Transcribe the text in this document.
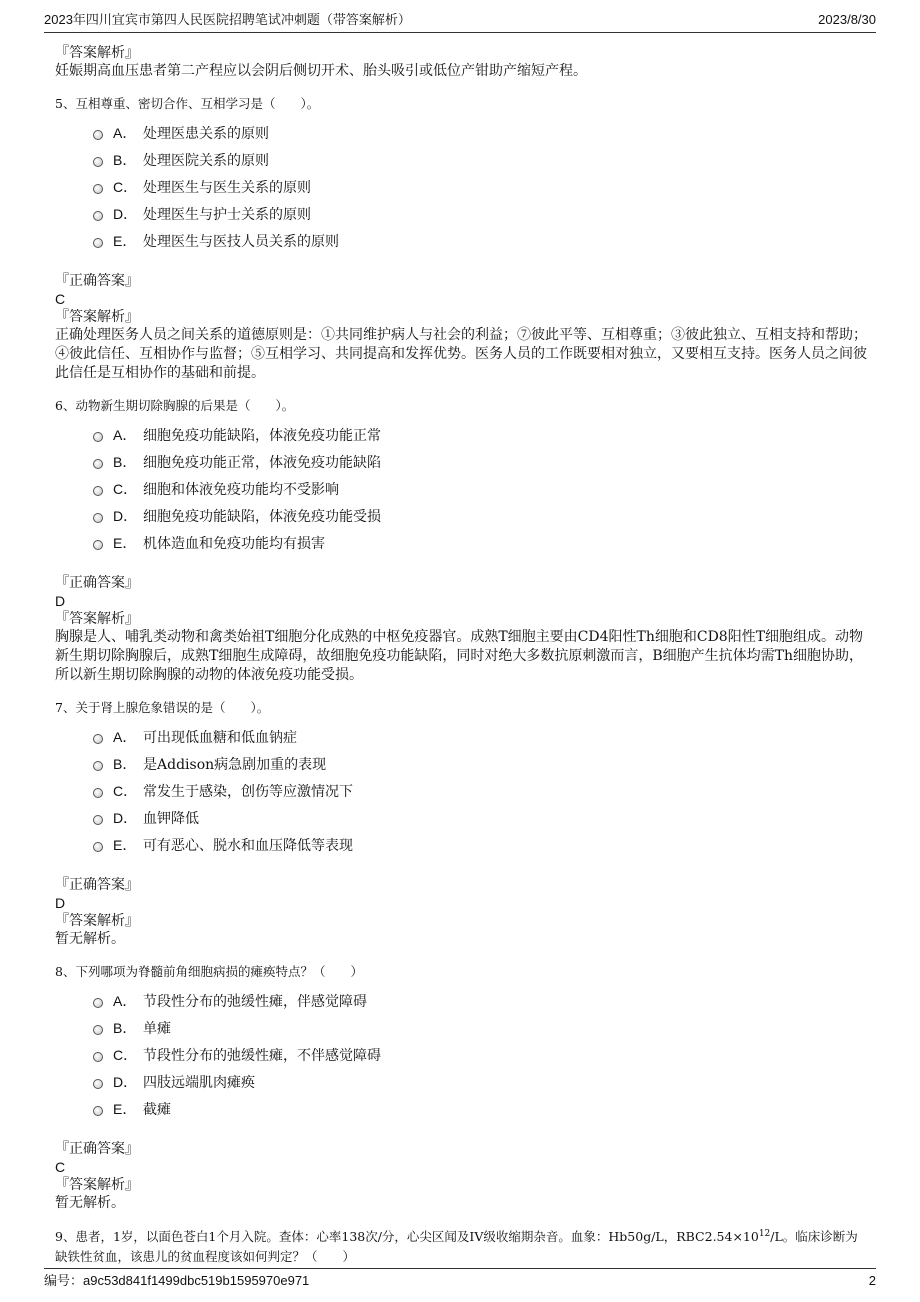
2023年四川宜宾市第四人民医院招聘笔试冲刺题（带答案解析）	2023/8/30

『答案解析』

妊娠期高血压患者第二产程应以会阴后侧切开术、胎头吸引或低位产钳助产缩短产程。

5、互相尊重、密切合作、互相学习是（　　）。

A． 处理医患关系的原则
B． 处理医院关系的原则
C． 处理医生与医生关系的原则
D． 处理医生与护士关系的原则
E． 处理医生与医技人员关系的原则

『正确答案』

C

『答案解析』

正确处理医务人员之间关系的道德原则是：①共同维护病人与社会的利益；⑦彼此平等、互相尊重；③彼此独立、互相支持和帮助；④彼此信任、互相协作与监督；⑤互相学习、共同提高和发挥优势。医务人员的工作既要相对独立，又要相互支持。医务人员之间彼此信任是互相协作的基础和前提。

6、动物新生期切除胸腺的后果是（　　）。

A． 细胞免疫功能缺陷，体液免疫功能正常
B． 细胞免疫功能正常，体液免疫功能缺陷
C． 细胞和体液免疫功能均不受影响
D． 细胞免疫功能缺陷，体液免疫功能受损
E． 机体造血和免疫功能均有损害

『正确答案』

D

『答案解析』

胸腺是人、哺乳类动物和禽类始祖T细胞分化成熟的中枢免疫器官。成熟T细胞主要由CD4阳性Th细胞和CD8阳性T细胞组成。动物新生期切除胸腺后，成熟T细胞生成障碍，故细胞免疫功能缺陷，同时对绝大多数抗原刺激而言，B细胞产生抗体均需Th细胞协助，所以新生期切除胸腺的动物的体液免疫功能受损。

7、关于肾上腺危象错误的是（　　）。

A． 可出现低血糖和低血钠症
B． 是Addison病急剧加重的表现
C． 常发生于感染，创伤等应激情况下
D． 血钾降低
E． 可有恶心、脱水和血压降低等表现

『正确答案』

D

『答案解析』

暂无解析。

8、下列哪项为脊髓前角细胞病损的瘫痪特点？（　　）

A． 节段性分布的弛缓性瘫，伴感觉障碍
B． 单瘫
C． 节段性分布的弛缓性瘫，不伴感觉障碍
D． 四肢远端肌肉瘫痪
E． 截瘫

『正确答案』

C

『答案解析』

暂无解析。

9、患者，1岁，以面色苍白1个月入院。查体：心率138次/分，心尖区闻及IV级收缩期杂音。血象：Hb50g/L，$RBC2.54\times 10^{12}/L$。临床诊断为缺铁性贫血，该患儿的贫血程度该如何判定？（　　）

编号：a9c53d841f1499dbc519b1595970e971	2
